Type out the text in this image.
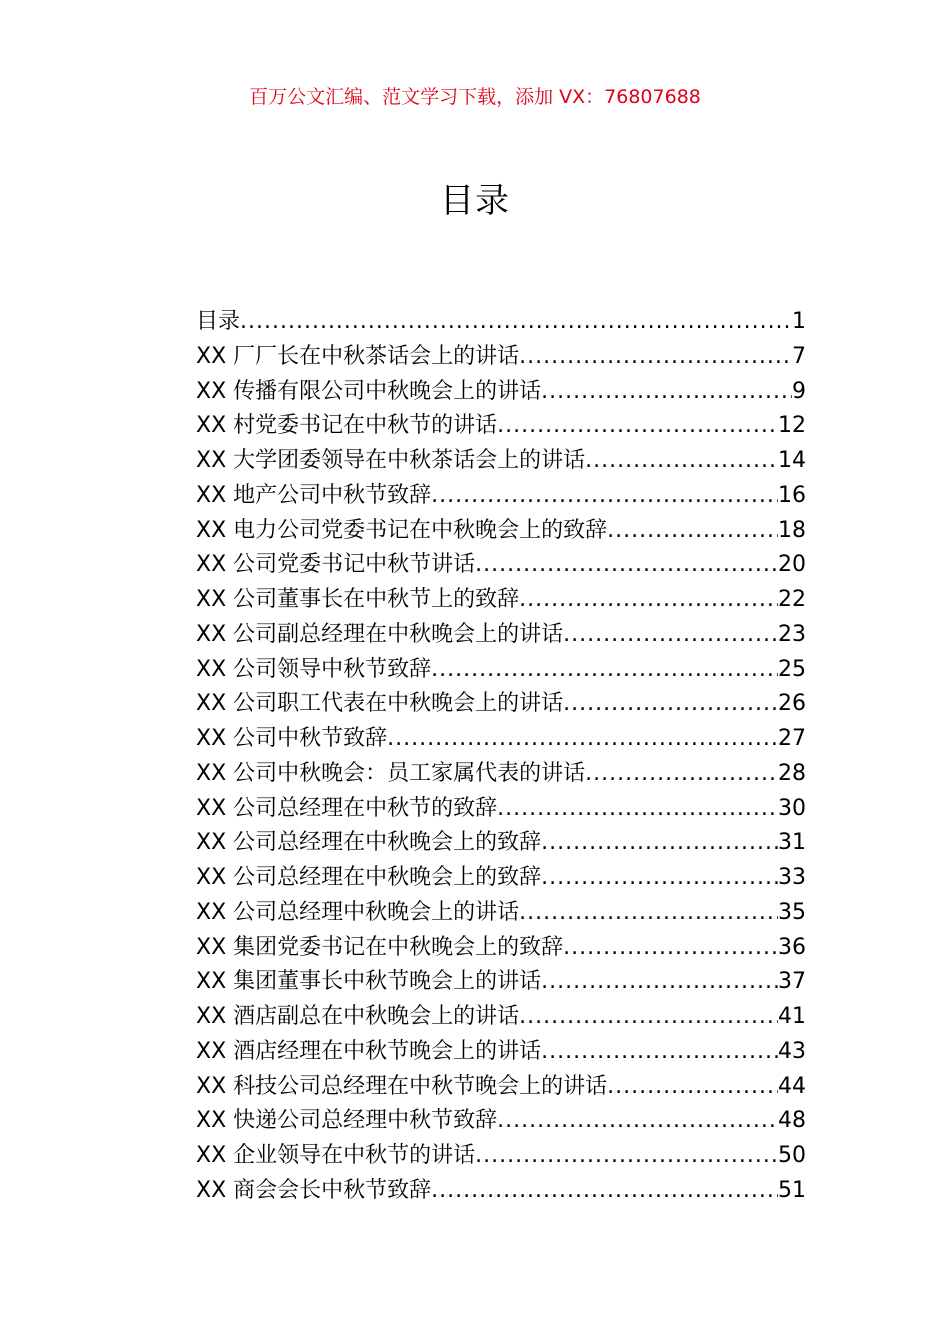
百万公文汇编、范文学习下载，添加 VX：76807688
目录
目录 .....	1
XX 厂厂长在中秋茶话会上的讲话 .....	7
XX 传播有限公司中秋晚会上的讲话 .....	9
XX 村党委书记在中秋节的讲话 .....	12
XX 大学团委领导在中秋茶话会上的讲话 .....	14
XX 地产公司中秋节致辞 .....	16
XX 电力公司党委书记在中秋晚会上的致辞 .....	18
XX 公司党委书记中秋节讲话 .....	20
XX 公司董事长在中秋节上的致辞 .....	22
XX 公司副总经理在中秋晚会上的讲话 .....	23
XX 公司领导中秋节致辞 .....	25
XX 公司职工代表在中秋晚会上的讲话 .....	26
XX 公司中秋节致辞 .....	27
XX 公司中秋晚会：员工家属代表的讲话 .....	28
XX 公司总经理在中秋节的致辞 .....	30
XX 公司总经理在中秋晚会上的致辞 .....	31
XX 公司总经理在中秋晚会上的致辞 .....	33
XX 公司总经理中秋晚会上的讲话 .....	35
XX 集团党委书记在中秋晚会上的致辞 .....	36
XX 集团董事长中秋节晚会上的讲话 .....	37
XX 酒店副总在中秋晚会上的讲话 .....	41
XX 酒店经理在中秋节晚会上的讲话 .....	43
XX 科技公司总经理在中秋节晚会上的讲话 .....	44
XX 快递公司总经理中秋节致辞 .....	48
XX 企业领导在中秋节的讲话 .....	50
XX 商会会长中秋节致辞 .....	51
